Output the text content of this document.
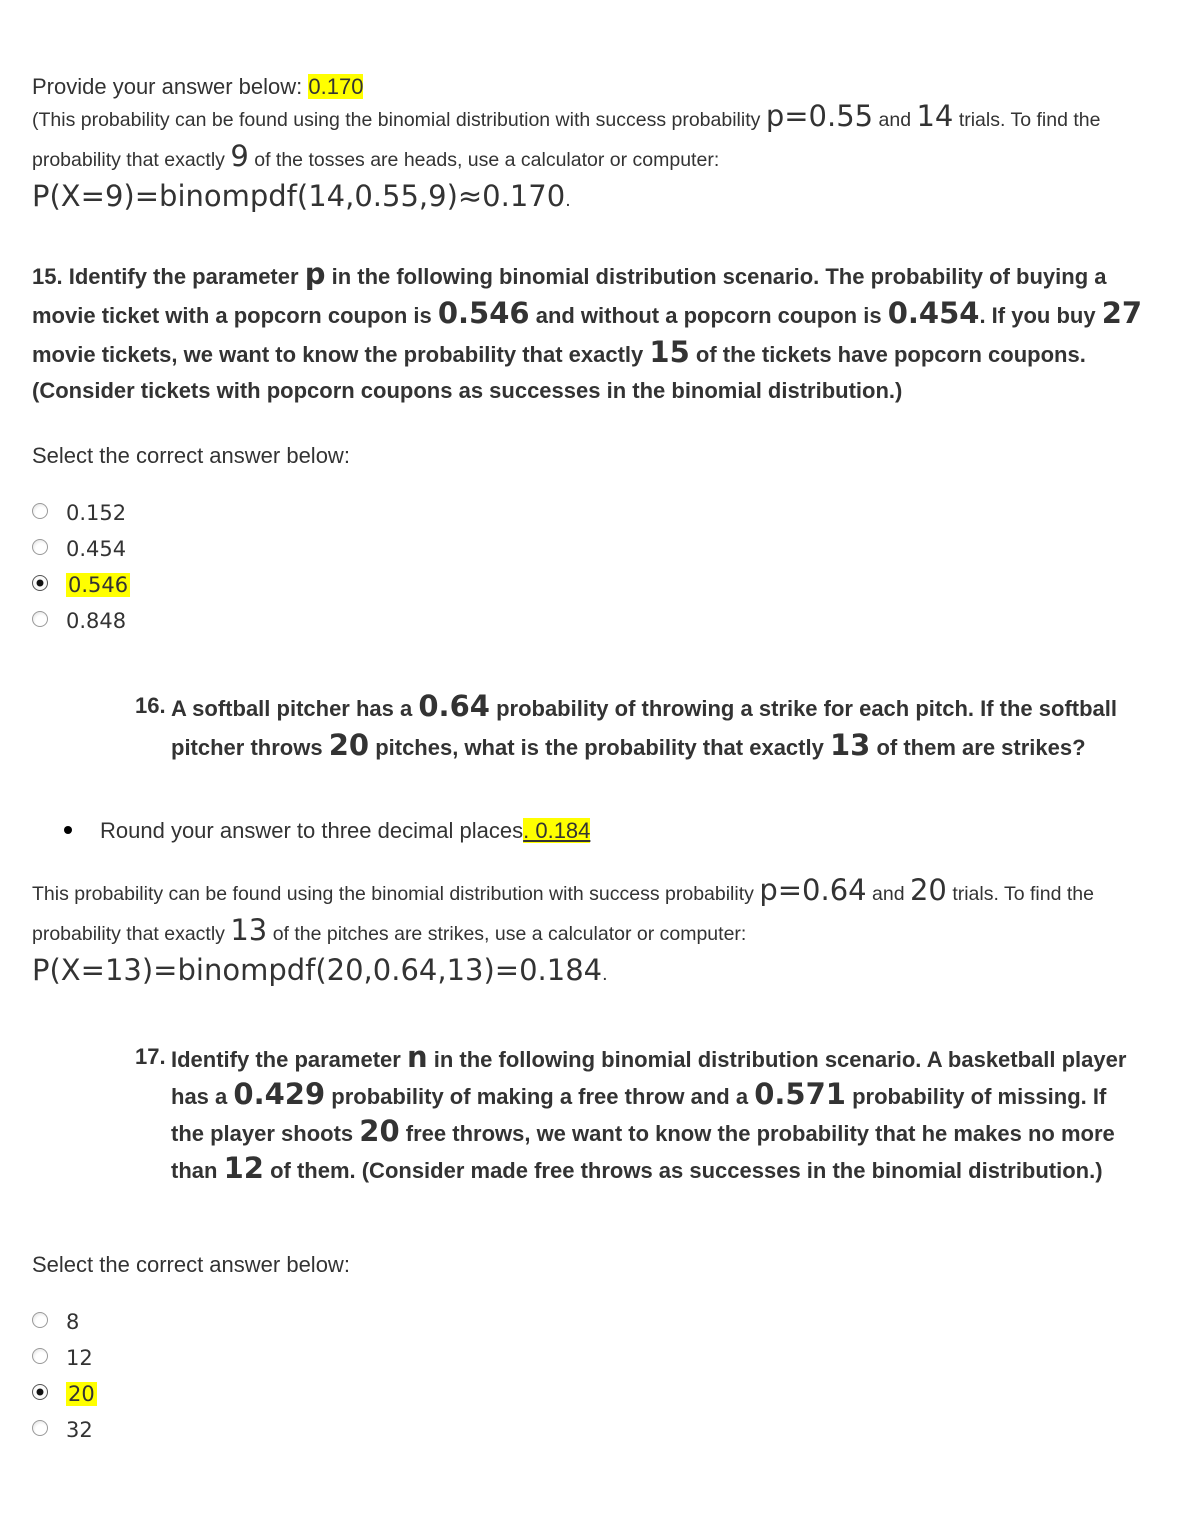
Provide your answer below: 0.170
(This probability can be found using the binomial distribution with success probability p=0.55 and 14 trials. To find the probability that exactly 9 of the tosses are heads, use a calculator or computer: P(X=9)=binompdf(14,0.55,9)≈0.170.
15. Identify the parameter p in the following binomial distribution scenario. The probability of buying a movie ticket with a popcorn coupon is 0.546 and without a popcorn coupon is 0.454. If you buy 27 movie tickets, we want to know the probability that exactly 15 of the tickets have popcorn coupons. (Consider tickets with popcorn coupons as successes in the binomial distribution.)
Select the correct answer below:
0.152
0.454
0.546
0.848
16. A softball pitcher has a 0.64 probability of throwing a strike for each pitch. If the softball pitcher throws 20 pitches, what is the probability that exactly 13 of them are strikes?
Round your answer to three decimal places. 0.184
This probability can be found using the binomial distribution with success probability p=0.64 and 20 trials. To find the probability that exactly 13 of the pitches are strikes, use a calculator or computer: P(X=13)=binompdf(20,0.64,13)=0.184.
17. Identify the parameter n in the following binomial distribution scenario. A basketball player has a 0.429 probability of making a free throw and a 0.571 probability of missing. If the player shoots 20 free throws, we want to know the probability that he makes no more than 12 of them. (Consider made free throws as successes in the binomial distribution.)
Select the correct answer below:
8
12
20
32
